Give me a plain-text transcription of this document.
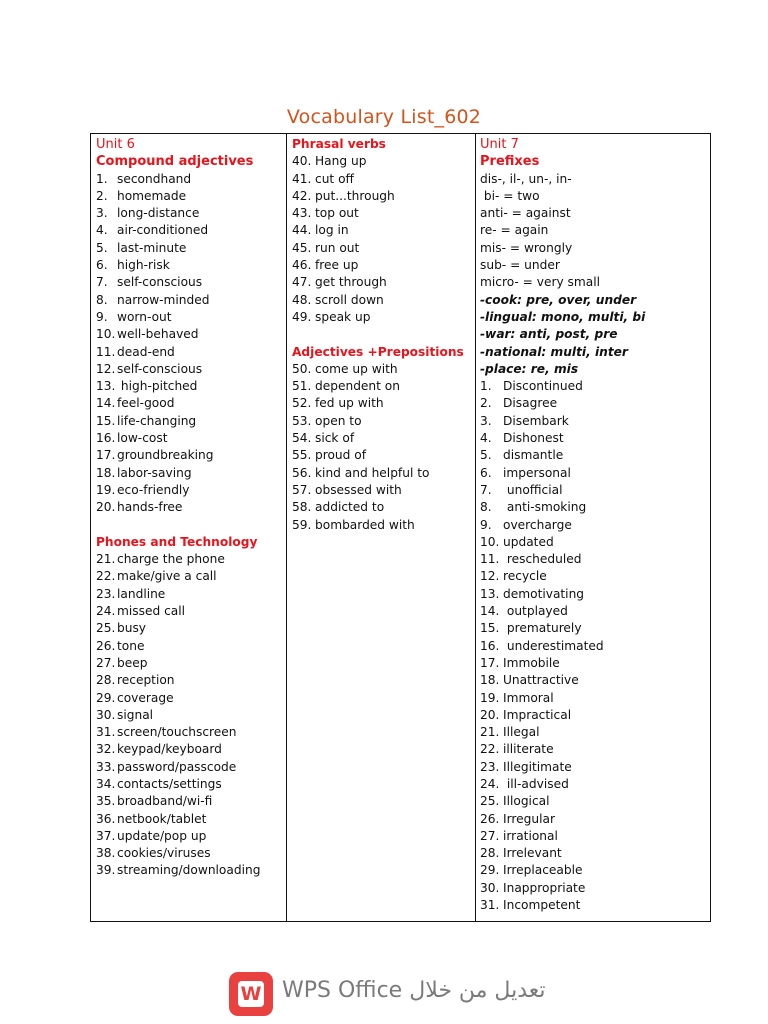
Vocabulary List_602
Unit 6
Compound adjectives
1. secondhand
2. homemade
3. long-distance
4. air-conditioned
5. last-minute
6. high-risk
7. self-conscious
8. narrow-minded
9. worn-out
10. well-behaved
11. dead-end
12. self-conscious
13. high-pitched
14. feel-good
15. life-changing
16. low-cost
17. groundbreaking
18. labor-saving
19. eco-friendly
20. hands-free
Phones and Technology
21. charge the phone
22. make/give a call
23. landline
24. missed call
25. busy
26. tone
27. beep
28. reception
29. coverage
30. signal
31. screen/touchscreen
32. keypad/keyboard
33. password/passcode
34. contacts/settings
35. broadband/wi-fi
36. netbook/tablet
37. update/pop up
38. cookies/viruses
39. streaming/downloading
Phrasal verbs
40. Hang up
41. cut off
42. put...through
43. top out
44. log in
45. run out
46. free up
47. get through
48. scroll down
49. speak up
Adjectives +Prepositions
50. come up with
51. dependent on
52. fed up with
53. open to
54. sick of
55. proud of
56. kind and helpful to
57. obsessed with
58. addicted to
59. bombarded with
Unit 7
Prefixes
dis-, il-, un-, in-
bi- = two
anti- = against
re- = again
mis- = wrongly
sub- = under
micro- = very small
-cook: pre, over, under
-lingual: mono, multi, bi
-war: anti, post, pre
-national: multi, inter
-place: re, mis
1. Discontinued
2. Disagree
3. Disembark
4. Dishonest
5. dismantle
6. impersonal
7. unofficial
8. anti-smoking
9. overcharge
10. updated
11. rescheduled
12. recycle
13. demotivating
14. outplayed
15. prematurely
16. underestimated
17. Immobile
18. Unattractive
19. Immoral
20. Impractical
21. Illegal
22. illiterate
23. Illegitimate
24. ill-advised
25. Illogical
26. Irregular
27. irrational
28. Irrelevant
29. Irreplaceable
30. Inappropriate
31. Incompetent
W WPS Office تعديل من خلال
